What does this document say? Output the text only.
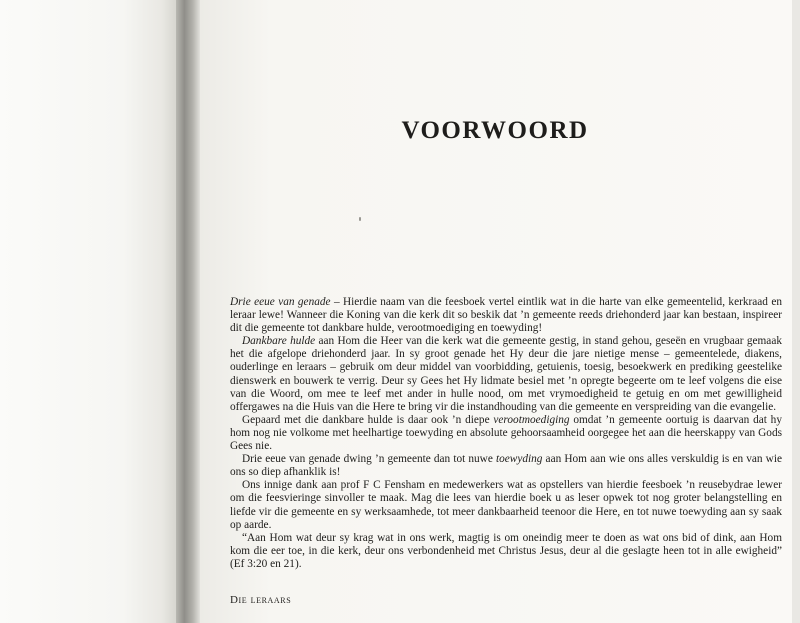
VOORWOORD

Drie eeue van genade – Hierdie naam van die feesboek vertel eintlik wat in die harte van elke gemeentelid, kerkraad en leraar lewe! Wanneer die Koning van die kerk dit so beskik dat ’n gemeente reeds driehonderd jaar kan bestaan, inspireer dit die gemeente tot dankbare hulde, verootmoediging en toewyding!

Dankbare hulde aan Hom die Heer van die kerk wat die gemeente gestig, in stand gehou, geseën en vrugbaar gemaak het die afgelope driehonderd jaar. In sy groot genade het Hy deur die jare nietige mense – gemeentelede, diakens, ouderlinge en leraars – gebruik om deur middel van voorbidding, getuienis, toesig, besoekwerk en prediking geestelike dienswerk en bouwerk te verrig. Deur sy Gees het Hy lidmate besiel met ’n opregte begeerte om te leef volgens die eise van die Woord, om mee te leef met ander in hulle nood, om met vrymoedigheid te getuig en om met gewilligheid offergawes na die Huis van die Here te bring vir die instandhouding van die gemeente en verspreiding van die evangelie.

Gepaard met die dankbare hulde is daar ook ’n diepe verootmoediging omdat ’n gemeente oortuig is daarvan dat hy hom nog nie volkome met heelhartige toewyding en absolute gehoorsaamheid oorgegee het aan die heerskappy van Gods Gees nie.

Drie eeue van genade dwing ’n gemeente dan tot nuwe toewyding aan Hom aan wie ons alles verskuldig is en van wie ons so diep afhanklik is!

Ons innige dank aan prof F C Fensham en medewerkers wat as opstellers van hierdie feesboek ’n reusebydrae lewer om die feesvieringe sinvoller te maak. Mag die lees van hierdie boek u as leser opwek tot nog groter belangstelling en liefde vir die gemeente en sy werksaamhede, tot meer dankbaarheid teenoor die Here, en tot nuwe toewyding aan sy saak op aarde.

“Aan Hom wat deur sy krag wat in ons werk, magtig is om oneindig meer te doen as wat ons bid of dink, aan Hom kom die eer toe, in die kerk, deur ons verbondenheid met Christus Jesus, deur al die geslagte heen tot in alle ewigheid” (Ef 3:20 en 21).

Die leraars
